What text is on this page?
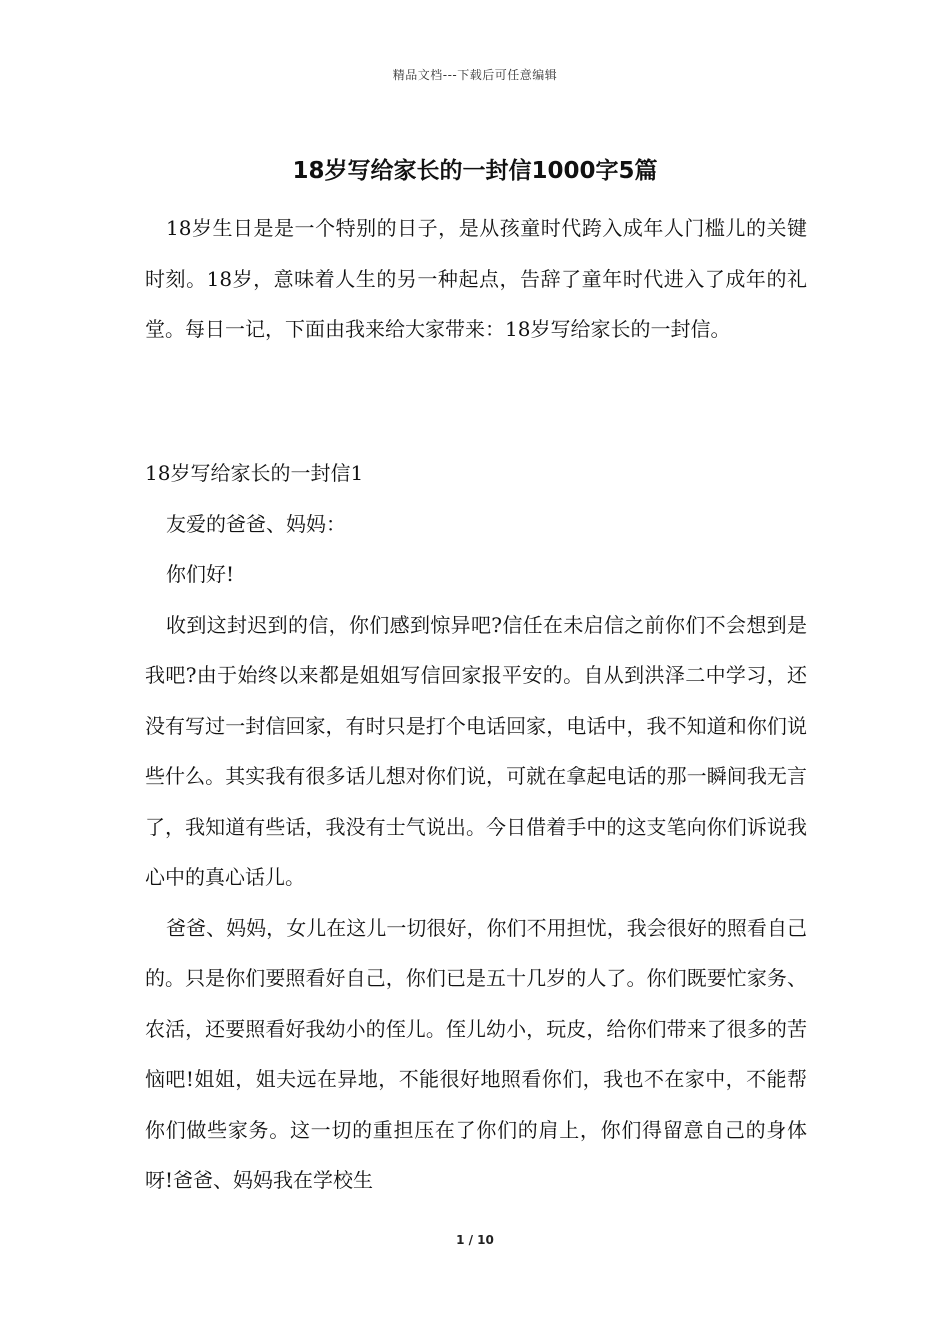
精品文档---下载后可任意编辑
18岁写给家长的一封信1000字5篇

18岁生日是是一个特别的日子，是从孩童时代跨入成年人门槛儿的关键时刻。18岁，意味着人生的另一种起点，告辞了童年时代进入了成年的礼堂。每日一记，下面由我来给大家带来：18岁写给家长的一封信。

18岁写给家长的一封信1

友爱的爸爸、妈妈：

你们好!

收到这封迟到的信，你们感到惊异吧?信任在未启信之前你们不会想到是我吧?由于始终以来都是姐姐写信回家报平安的。自从到洪泽二中学习，还没有写过一封信回家，有时只是打个电话回家，电话中，我不知道和你们说些什么。其实我有很多话儿想对你们说，可就在拿起电话的那一瞬间我无言了，我知道有些话，我没有士气说出。今日借着手中的这支笔向你们诉说我心中的真心话儿。

爸爸、妈妈，女儿在这儿一切很好，你们不用担忧，我会很好的照看自己的。只是你们要照看好自己，你们已是五十几岁的人了。你们既要忙家务、农活，还要照看好我幼小的侄儿。侄儿幼小，玩皮，给你们带来了很多的苦恼吧!姐姐，姐夫远在异地，不能很好地照看你们，我也不在家中，不能帮你们做些家务。这一切的重担压在了你们的肩上，你们得留意自己的身体呀!爸爸、妈妈我在学校生

1 / 10
